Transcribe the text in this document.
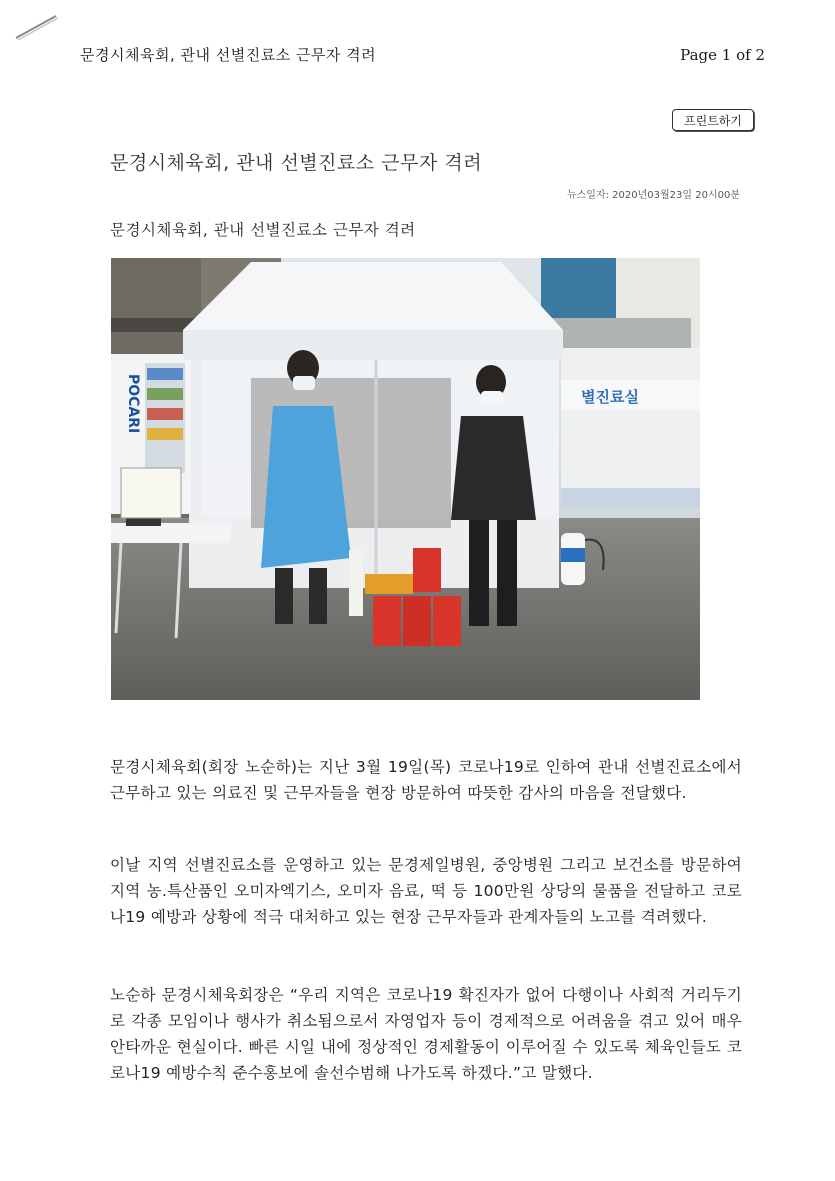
문경시체육회, 관내 선별진료소 근무자 격려	Page 1 of 2
프린트하기
문경시체육회, 관내 선별진료소 근무자 격려
뉴스일자: 2020년03월23일 20시00분
문경시체육회, 관내 선별진료소 근무자 격려
별진료실
POCARI

문경시체육회(회장 노순하)는 지난 3월 19일(목) 코로나19로 인하여 관내 선별진료소에서 근무하고 있는 의료진 및 근무자들을 현장 방문하여 따뜻한 감사의 마음을 전달했다.

이날 지역 선별진료소를 운영하고 있는 문경제일병원, 중앙병원 그리고 보건소를 방문하여 지역 농.특산품인 오미자엑기스, 오미자 음료, 떡 등 100만원 상당의 물품을 전달하고 코로나19 예방과 상황에 적극 대처하고 있는 현장 근무자들과 관계자들의 노고를 격려했다.

노순하 문경시체육회장은 “우리 지역은 코로나19 확진자가 없어 다행이나 사회적 거리두기로 각종 모임이나 행사가 취소됨으로서 자영업자 등이 경제적으로 어려움을 겪고 있어 매우 안타까운 현실이다. 빠른 시일 내에 정상적인 경제활동이 이루어질 수 있도록 체육인들도 코로나19 예방수칙 준수홍보에 솔선수범해 나가도록 하겠다.”고 말했다.
